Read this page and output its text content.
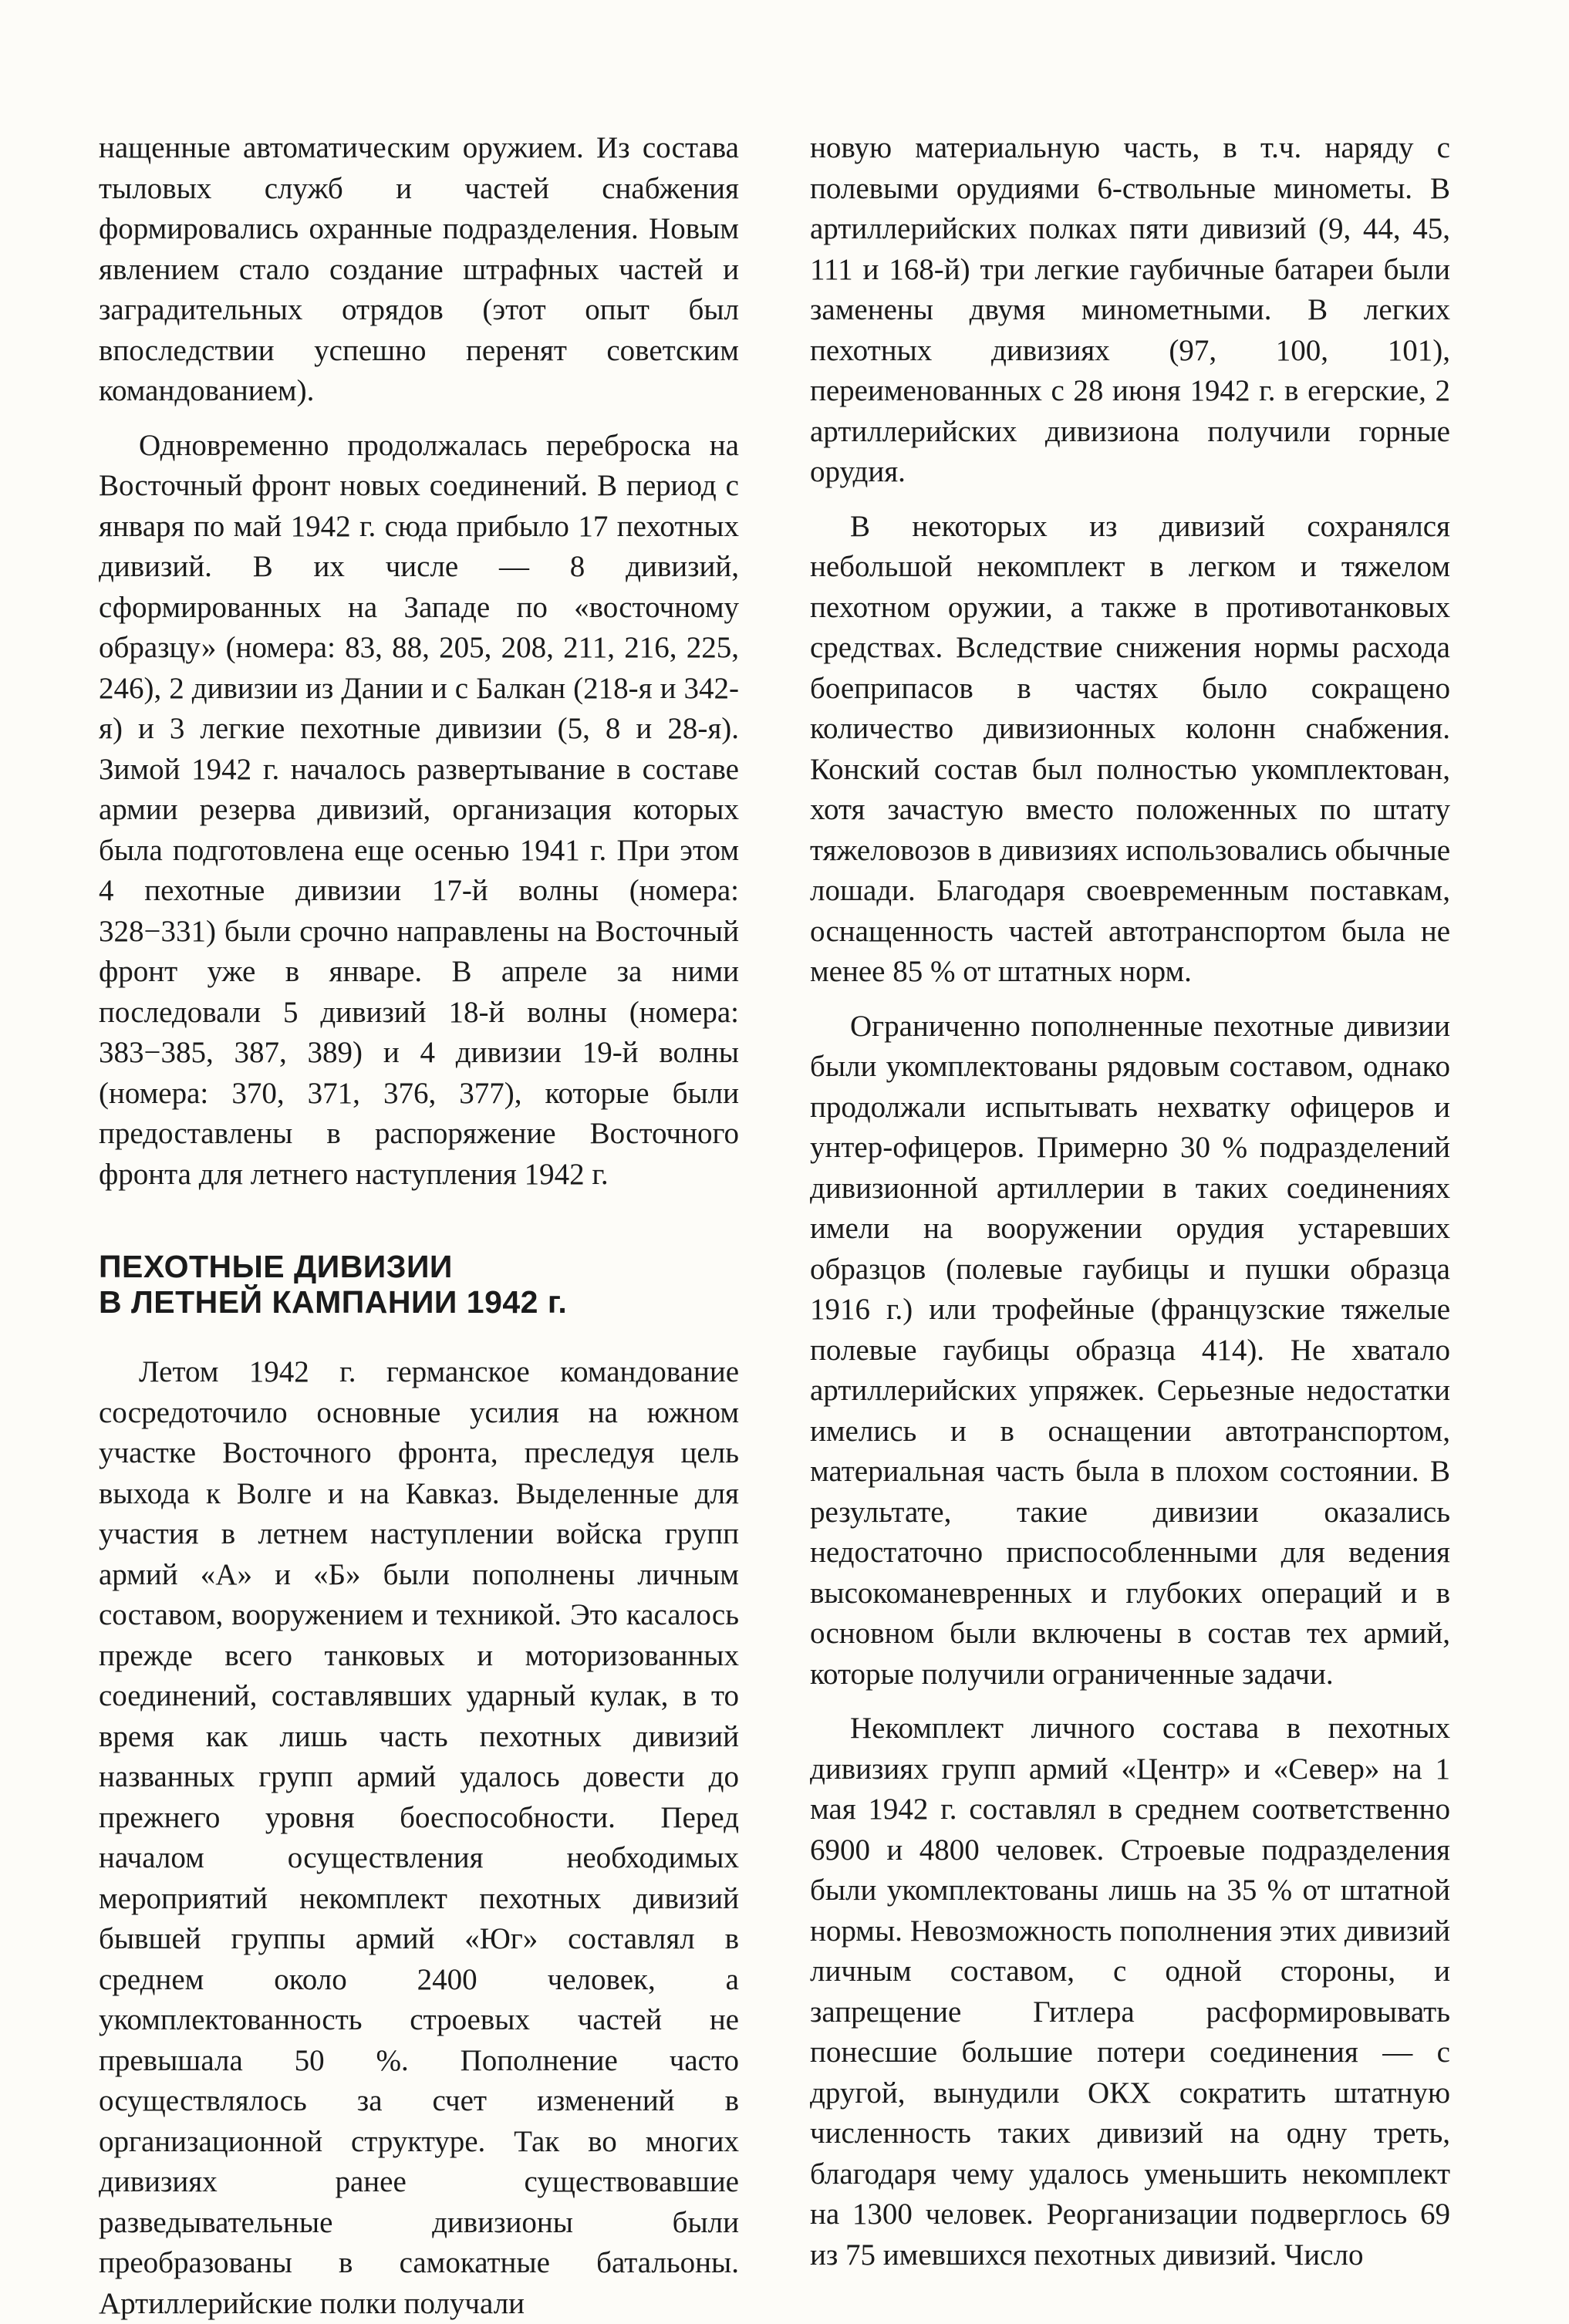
нащенные автоматическим оружием. Из состава тыловых служб и частей снабжения формировались охранные подразделения. Новым явлением стало создание штрафных частей и заградительных отрядов (этот опыт был впоследствии успешно перенят советским командованием).

Одновременно продолжалась переброска на Восточный фронт новых соединений. В период с января по май 1942 г. сюда прибыло 17 пехотных дивизий. В их числе — 8 дивизий, сформированных на Западе по «восточному образцу» (номера: 83, 88, 205, 208, 211, 216, 225, 246), 2 дивизии из Дании и с Балкан (218-я и 342-я) и 3 легкие пехотные дивизии (5, 8 и 28-я). Зимой 1942 г. началось развертывание в составе армии резерва дивизий, организация которых была подготовлена еще осенью 1941 г. При этом 4 пехотные дивизии 17-й волны (номера: 328−331) были срочно направлены на Восточный фронт уже в январе. В апреле за ними последовали 5 дивизий 18-й волны (номера: 383−385, 387, 389) и 4 дивизии 19-й волны (номера: 370, 371, 376, 377), которые были предоставлены в распоряжение Восточного фронта для летнего наступления 1942 г.

ПЕХОТНЫЕ ДИВИЗИИ
В ЛЕТНЕЙ КАМПАНИИ 1942 г.

Летом 1942 г. германское командование сосредоточило основные усилия на южном участке Восточного фронта, преследуя цель выхода к Волге и на Кавказ. Выделенные для участия в летнем наступлении войска групп армий «А» и «Б» были пополнены личным составом, вооружением и техникой. Это касалось прежде всего танковых и моторизованных соединений, составлявших ударный кулак, в то время как лишь часть пехотных дивизий названных групп армий удалось довести до прежнего уровня боеспособности. Перед началом осуществления необходимых мероприятий некомплект пехотных дивизий бывшей группы армий «Юг» составлял в среднем около 2400 человек, а укомплектованность строевых частей не превышала 50 %. Пополнение часто осуществлялось за счет изменений в организационной структуре. Так во многих дивизиях ранее существовавшие разведывательные дивизионы были преобразованы в самокатные батальоны. Артиллерийские полки получали

новую материальную часть, в т.ч. наряду с полевыми орудиями 6-ствольные минометы. В артиллерийских полках пяти дивизий (9, 44, 45, 111 и 168-й) три легкие гаубичные батареи были заменены двумя минометными. В легких пехотных дивизиях (97, 100, 101), переименованных с 28 июня 1942 г. в егерские, 2 артиллерийских дивизиона получили горные орудия.

В некоторых из дивизий сохранялся небольшой некомплект в легком и тяжелом пехотном оружии, а также в противотанковых средствах. Вследствие снижения нормы расхода боеприпасов в частях было сокращено количество дивизионных колонн снабжения. Конский состав был полностью укомплектован, хотя зачастую вместо положенных по штату тяжеловозов в дивизиях использовались обычные лошади. Благодаря своевременным поставкам, оснащенность частей автотранспортом была не менее 85 % от штатных норм.

Ограниченно пополненные пехотные дивизии были укомплектованы рядовым составом, однако продолжали испытывать нехватку офицеров и унтер-офицеров. Примерно 30 % подразделений дивизионной артиллерии в таких соединениях имели на вооружении орудия устаревших образцов (полевые гаубицы и пушки образца 1916 г.) или трофейные (французские тяжелые полевые гаубицы образца 414). Не хватало артиллерийских упряжек. Серьезные недостатки имелись и в оснащении автотранспортом, материальная часть была в плохом состоянии. В результате, такие дивизии оказались недостаточно приспособленными для ведения высокоманевренных и глубоких операций и в основном были включены в состав тех армий, которые получили ограниченные задачи.

Некомплект личного состава в пехотных дивизиях групп армий «Центр» и «Север» на 1 мая 1942 г. составлял в среднем соответственно 6900 и 4800 человек. Строевые подразделения были укомплектованы лишь на 35 % от штатной нормы. Невозможность пополнения этих дивизий личным составом, с одной стороны, и запрещение Гитлера расформировывать понесшие большие потери соединения — с другой, вынудили ОКХ сократить штатную численность таких дивизий на одну треть, благодаря чему удалось уменьшить некомплект на 1300 человек. Реорганизации подверглось 69 из 75 имевшихся пехотных дивизий. Число
